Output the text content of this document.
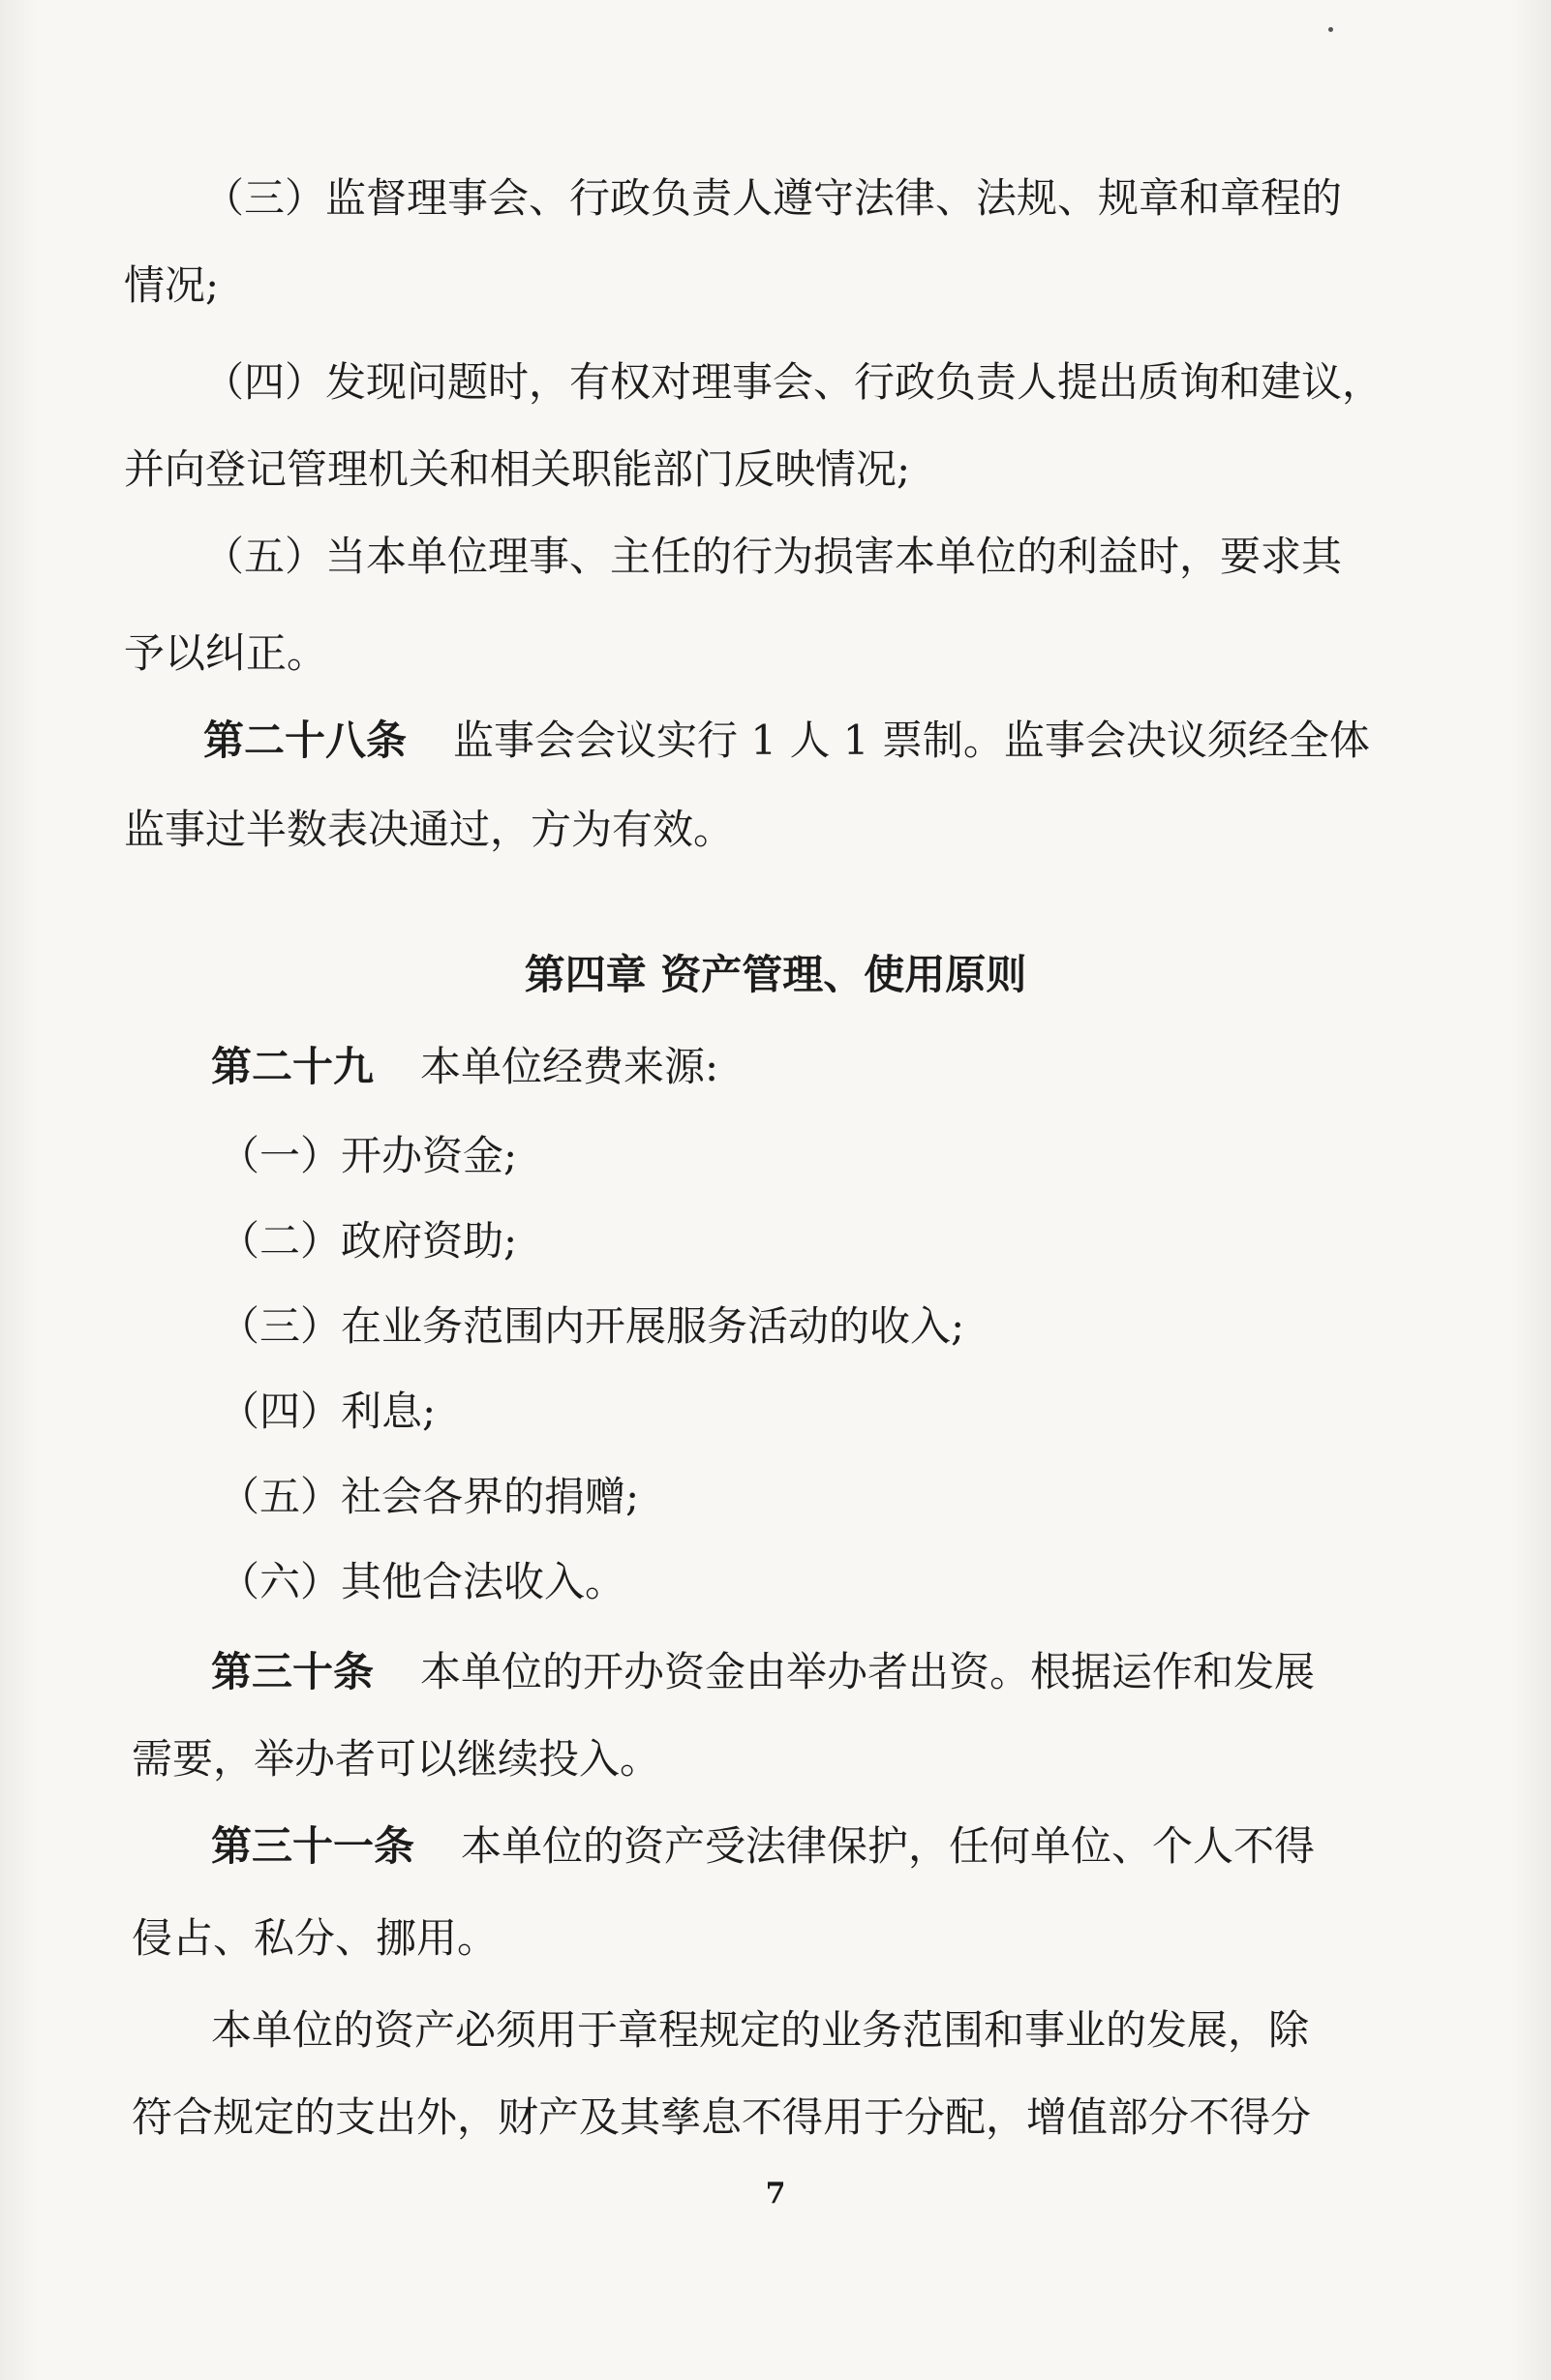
（三）监督理事会、行政负责人遵守法律、法规、规章和章程的
情况;
（四）发现问题时，有权对理事会、行政负责人提出质询和建议，
并向登记管理机关和相关职能部门反映情况;
（五）当本单位理事、主任的行为损害本单位的利益时，要求其
予以纠正。
第二十八条 监事会会议实行 1 人 1 票制。监事会决议须经全体
监事过半数表决通过，方为有效。
第四章 资产管理、使用原则
第二十九 本单位经费来源:
（一）开办资金;
（二）政府资助;
（三）在业务范围内开展服务活动的收入;
（四）利息;
（五）社会各界的捐赠;
（六）其他合法收入。
第三十条 本单位的开办资金由举办者出资。根据运作和发展
需要，举办者可以继续投入。
第三十一条 本单位的资产受法律保护，任何单位、个人不得
侵占、私分、挪用。
本单位的资产必须用于章程规定的业务范围和事业的发展，除
符合规定的支出外，财产及其孳息不得用于分配，增值部分不得分
7
